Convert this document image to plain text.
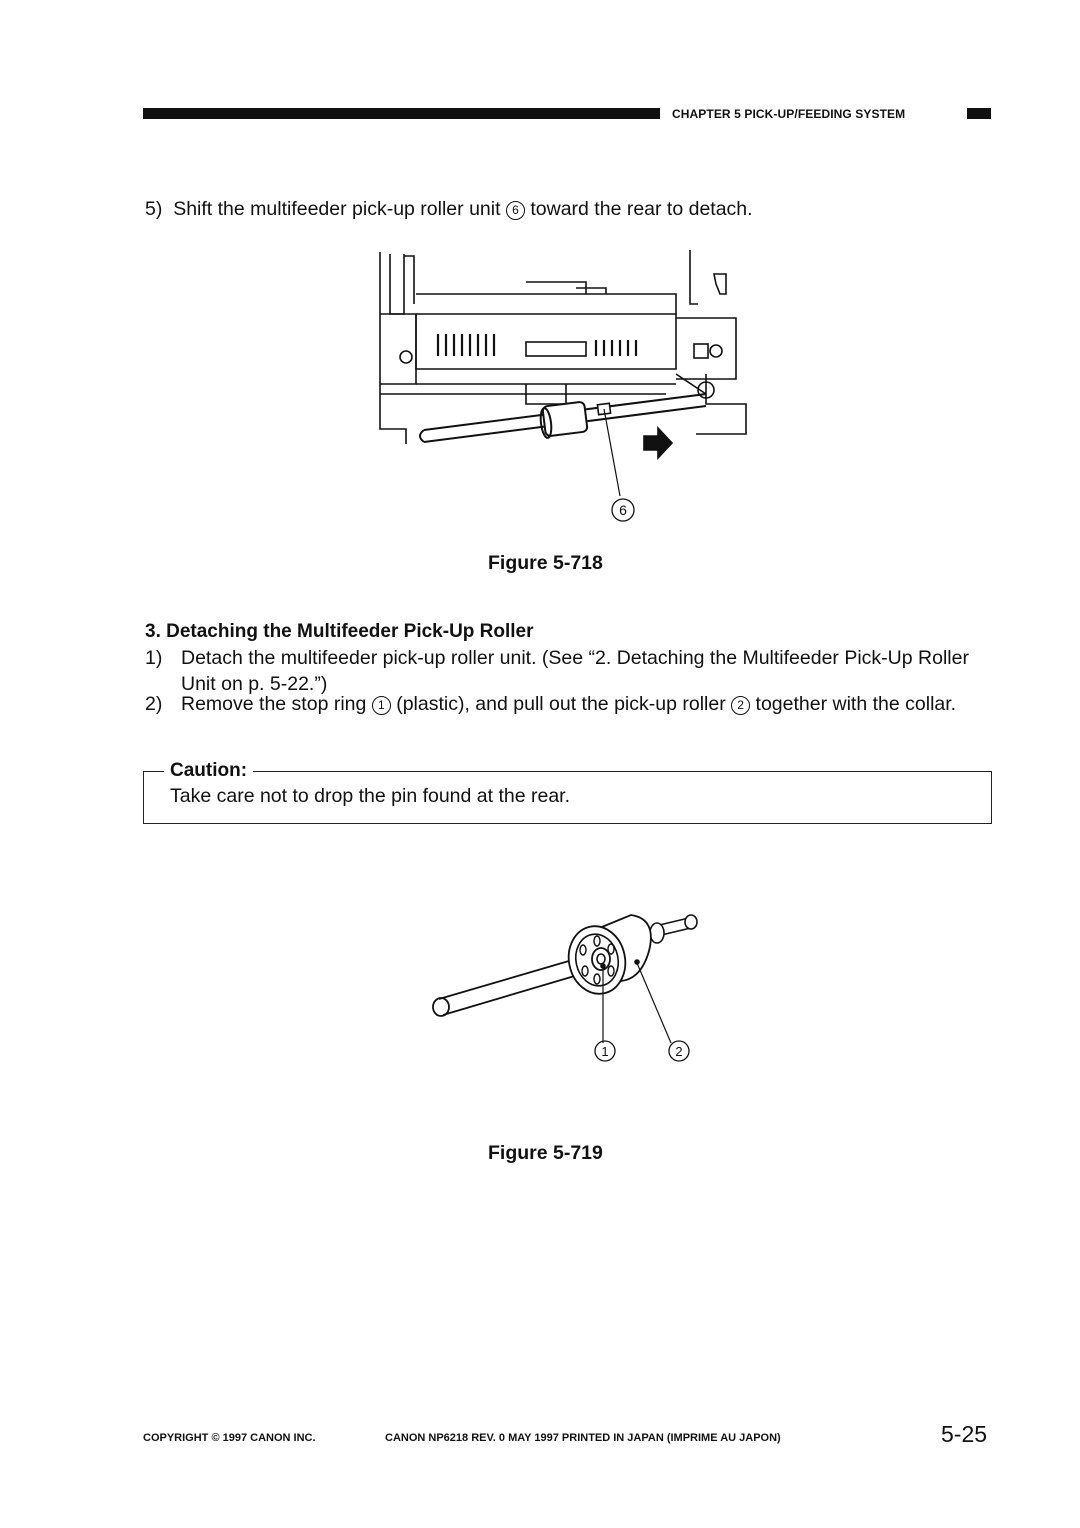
CHAPTER 5 PICK-UP/FEEDING SYSTEM
5) Shift the multifeeder pick-up roller unit 6 toward the rear to detach.
6
Figure 5-718
3. Detaching the Multifeeder Pick-Up Roller
1) Detach the multifeeder pick-up roller unit. (See “2. Detaching the Multifeeder Pick-Up Roller Unit on p. 5-22.”)
2) Remove the stop ring 1 (plastic), and pull out the pick-up roller 2 together with the collar.
Caution:
Take care not to drop the pin found at the rear.
1	2
Figure 5-719
COPYRIGHT © 1997 CANON INC.	CANON NP6218 REV. 0 MAY 1997 PRINTED IN JAPAN (IMPRIME AU JAPON)	5-25
